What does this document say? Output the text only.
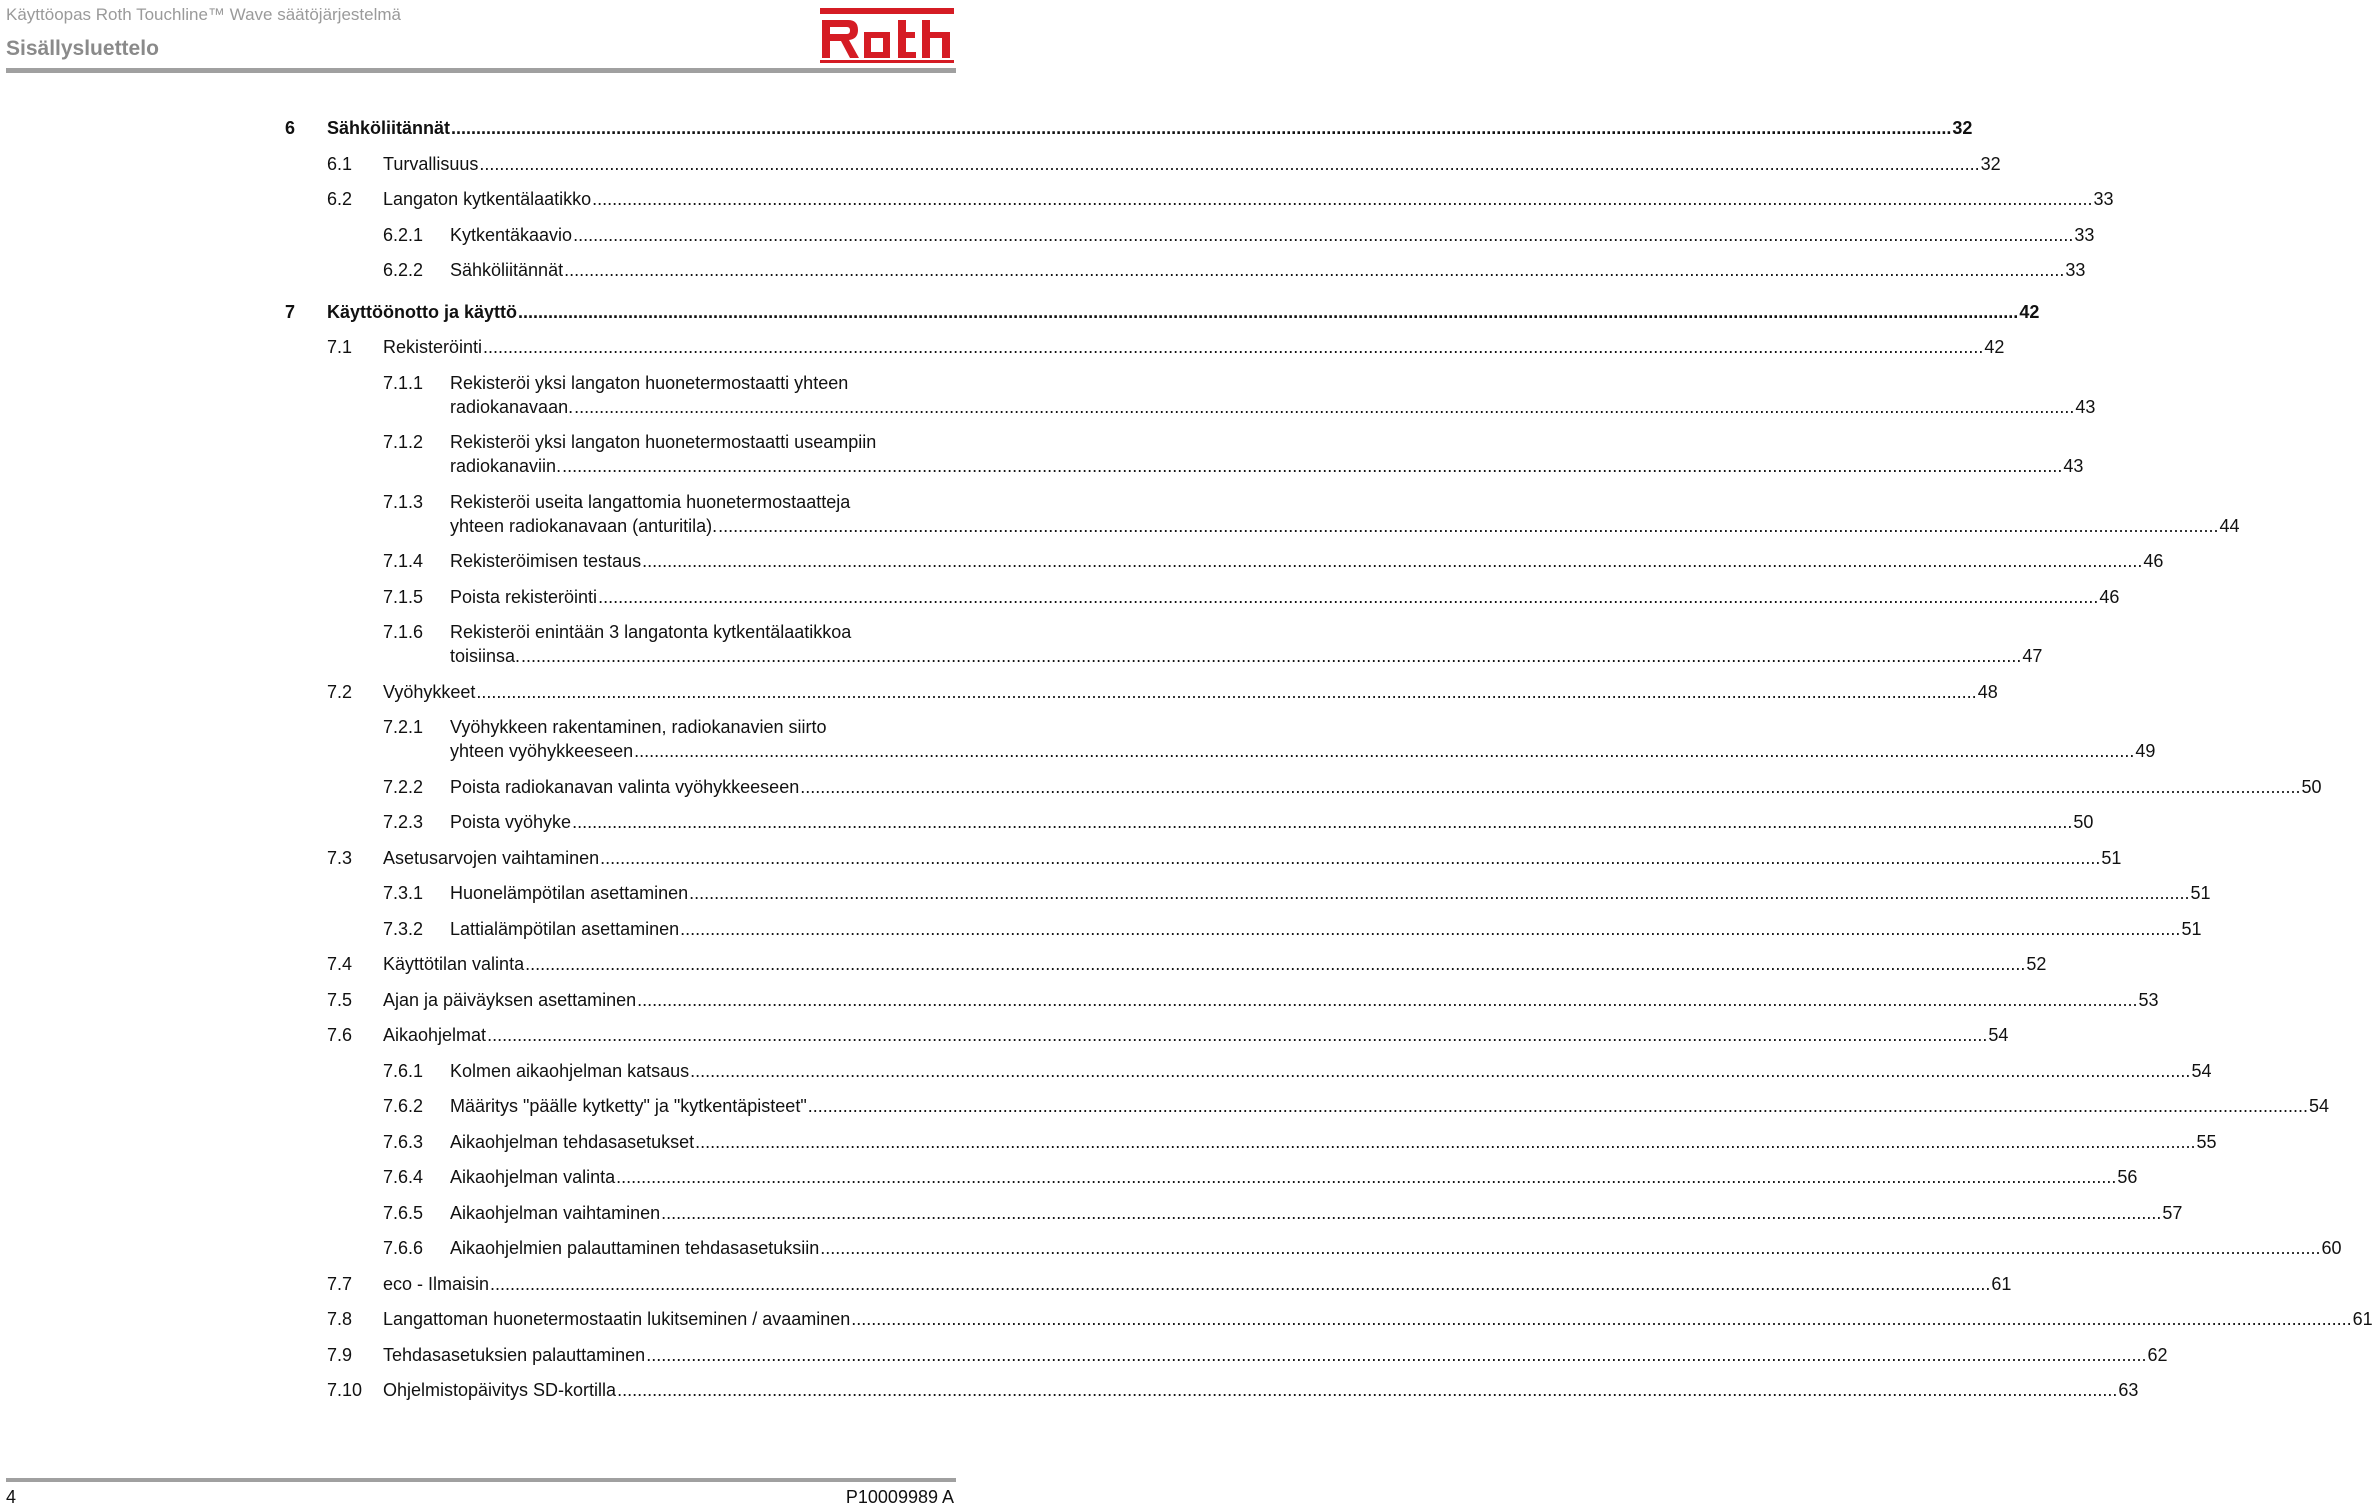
Käyttöopas Roth Touchline™ Wave säätöjärjestelmä
Sisällysluettelo
6 Sähköliitännät ............................................................................................................................................................................................................................................................................................................ 32
6.1 Turvallisuus ............................................................................................................................................................................................................................................................................................................ 32
6.2 Langaton kytkentälaatikko ............................................................................................................................................................................................................................................................................................................ 33
6.2.1 Kytkentäkaavio ............................................................................................................................................................................................................................................................................................................ 33
6.2.2 Sähköliitännät ............................................................................................................................................................................................................................................................................................................ 33
7 Käyttöönotto ja käyttö ............................................................................................................................................................................................................................................................................................................ 42
7.1 Rekisteröinti ............................................................................................................................................................................................................................................................................................................ 42
7.1.1 Rekisteröi yksi langaton huonetermostaatti yhteen
radiokanavaan. ............................................................................................................................................................................................................................................................................................................ 43
7.1.2 Rekisteröi yksi langaton huonetermostaatti useampiin
radiokanaviin. ............................................................................................................................................................................................................................................................................................................ 43
7.1.3 Rekisteröi useita langattomia huonetermostaatteja
yhteen radiokanavaan (anturitila). ............................................................................................................................................................................................................................................................................................................ 44
7.1.4 Rekisteröimisen testaus ............................................................................................................................................................................................................................................................................................................ 46
7.1.5 Poista rekisteröinti ............................................................................................................................................................................................................................................................................................................ 46
7.1.6 Rekisteröi enintään 3 langatonta kytkentälaatikkoa
toisiinsa. ............................................................................................................................................................................................................................................................................................................ 47
7.2 Vyöhykkeet ............................................................................................................................................................................................................................................................................................................ 48
7.2.1 Vyöhykkeen rakentaminen, radiokanavien siirto
yhteen vyöhykkeeseen ............................................................................................................................................................................................................................................................................................................ 49
7.2.2 Poista radiokanavan valinta vyöhykkeeseen ............................................................................................................................................................................................................................................................................................................ 50
7.2.3 Poista vyöhyke ............................................................................................................................................................................................................................................................................................................ 50
7.3 Asetusarvojen vaihtaminen ............................................................................................................................................................................................................................................................................................................ 51
7.3.1 Huonelämpötilan asettaminen ............................................................................................................................................................................................................................................................................................................ 51
7.3.2 Lattialämpötilan asettaminen ............................................................................................................................................................................................................................................................................................................ 51
7.4 Käyttötilan valinta ............................................................................................................................................................................................................................................................................................................ 52
7.5 Ajan ja päiväyksen asettaminen ............................................................................................................................................................................................................................................................................................................ 53
7.6 Aikaohjelmat ............................................................................................................................................................................................................................................................................................................ 54
7.6.1 Kolmen aikaohjelman katsaus ............................................................................................................................................................................................................................................................................................................ 54
7.6.2 Määritys "päälle kytketty" ja "kytkentäpisteet" ............................................................................................................................................................................................................................................................................................................ 54
7.6.3 Aikaohjelman tehdasasetukset ............................................................................................................................................................................................................................................................................................................ 55
7.6.4 Aikaohjelman valinta ............................................................................................................................................................................................................................................................................................................ 56
7.6.5 Aikaohjelman vaihtaminen ............................................................................................................................................................................................................................................................................................................ 57
7.6.6 Aikaohjelmien palauttaminen tehdasasetuksiin ............................................................................................................................................................................................................................................................................................................ 60
7.7 eco - Ilmaisin ............................................................................................................................................................................................................................................................................................................ 61
7.8 Langattoman huonetermostaatin lukitseminen / avaaminen ............................................................................................................................................................................................................................................................................................................ 61
7.9 Tehdasasetuksien palauttaminen ............................................................................................................................................................................................................................................................................................................ 62
7.10 Ohjelmistopäivitys SD-kortilla ............................................................................................................................................................................................................................................................................................................ 63
4	P10009989 A
